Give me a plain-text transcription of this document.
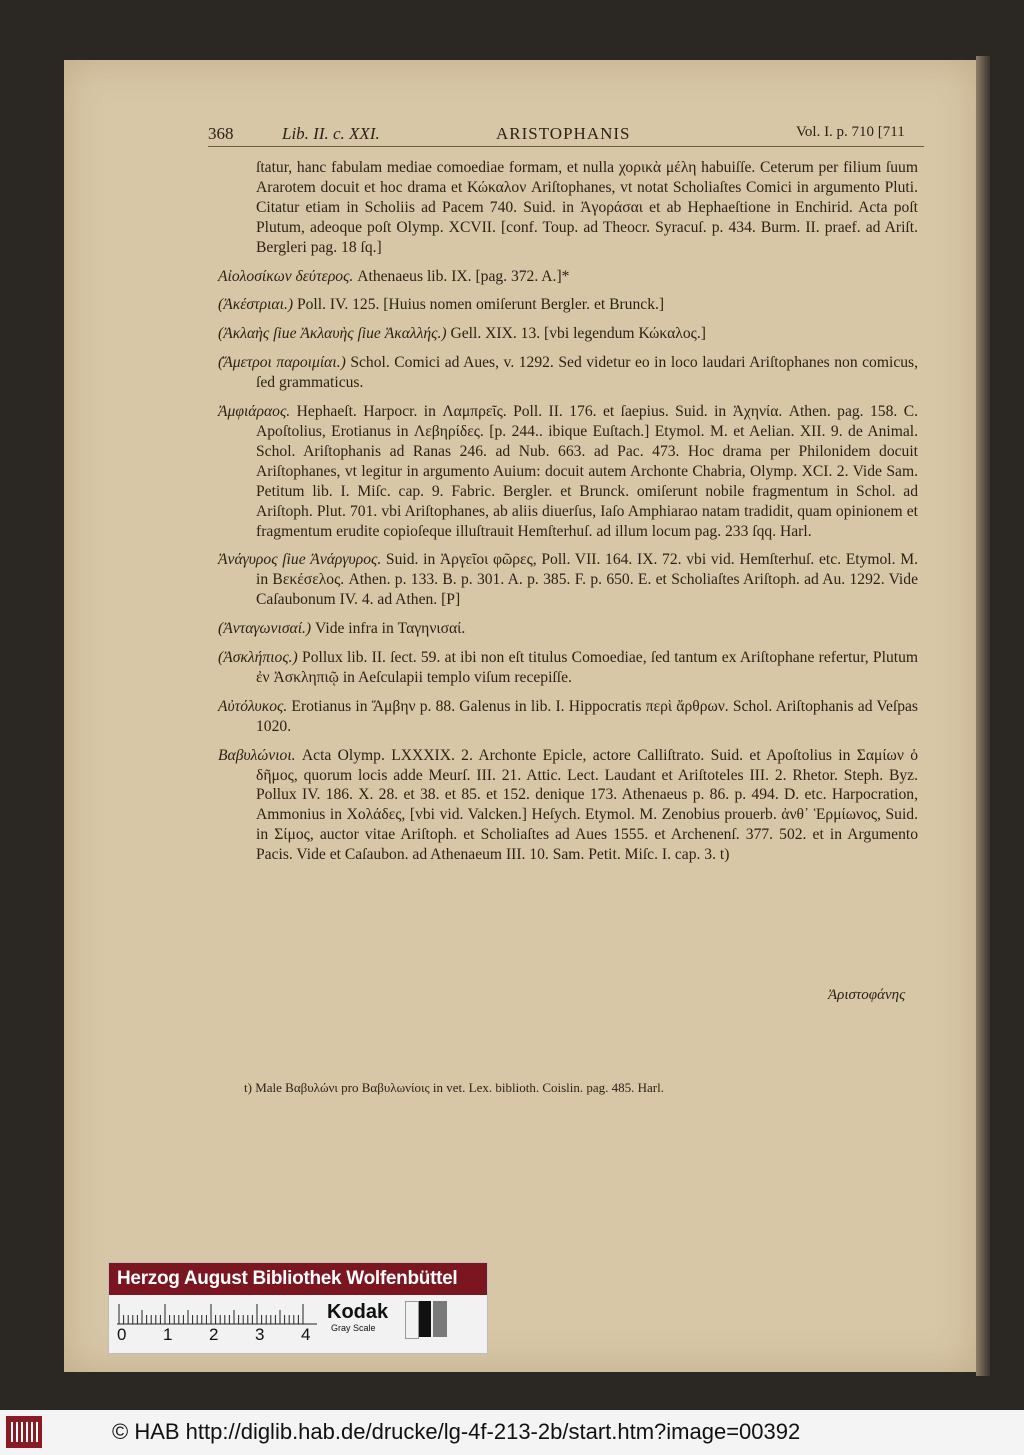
368	Lib. II. c. XXI.	ARISTOPHANIS	Vol. I. p. 710 [711

ſtatur, hanc fabulam mediae comoediae formam, et nulla χορικὰ μέλη habuiſſe. Ceterum per filium ſuum Ararotem docuit et hoc drama et Κώκαλον Ariſtophanes, vt notat Scholiaſtes Comici in argumento Pluti. Citatur etiam in Scholiis ad Pacem 740. Suid. in Ἀγοράσαι et ab Hephaeſtione in Enchirid. Acta poſt Plutum, adeoque poſt Olymp. XCVII. [conf. Toup. ad Theocr. Syracuſ. p. 434. Burm. II. praef. ad Ariſt. Bergleri pag. 18 ſq.]

Αἰολοσίκων δεύτερος. Athenaeus lib. IX. [pag. 372. A.]*

(Ἀκέστριαι.) Poll. IV. 125. [Huius nomen omiſerunt Bergler. et Brunck.]

(Ἀκλαὴς ſiue Ἀκλαυὴς ſiue Ἀκαλλής.) Gell. XIX. 13. [vbi legendum Κώκαλος.]

(Ἄμετροι παροιμίαι.) Schol. Comici ad Aues, v. 1292. Sed videtur eo in loco laudari Ariſtophanes non comicus, ſed grammaticus.

Ἀμφιάραος. Hephaeſt. Harpocr. in Λαμπρεῖς. Poll. II. 176. et ſaepius. Suid. in Ἀχηνία. Athen. pag. 158. C. Apoſtolius, Erotianus in Λεβηρίδες. [p. 244.. ibique Euſtach.] Etymol. M. et Aelian. XII. 9. de Animal. Schol. Ariſtophanis ad Ranas 246. ad Nub. 663. ad Pac. 473. Hoc drama per Philonidem docuit Ariſtophanes, vt legitur in argumento Auium: docuit autem Archonte Chabria, Olymp. XCI. 2. Vide Sam. Petitum lib. I. Miſc. cap. 9. Fabric. Bergler. et Brunck. omiſerunt nobile fragmentum in Schol. ad Ariſtoph. Plut. 701. vbi Ariſtophanes, ab aliis diuerſus, Iaſo Amphiarao natam tradidit, quam opinionem et fragmentum erudite copioſeque illuſtrauit Hemſterhuſ. ad illum locum pag. 233 ſqq. Harl.

Ἀνάγυρος ſiue Ἀνάργυρος. Suid. in Ἀργεῖοι φῶρες, Poll. VII. 164. IX. 72. vbi vid. Hemſterhuſ. etc. Etymol. M. in Βεκέσελος. Athen. p. 133. B. p. 301. A. p. 385. F. p. 650. E. et Scholiaſtes Ariſtoph. ad Au. 1292. Vide Caſaubonum IV. 4. ad Athen. [P]

(Ἀνταγωνισαί.) Vide infra in Ταγηνισαί.

(Ἀσκλήπιος.) Pollux lib. II. ſect. 59. at ibi non eſt titulus Comoediae, ſed tantum ex Ariſtophane refertur, Plutum ἐν Ἀσκληπιῷ in Aeſculapii templo viſum recepiſſe.

Αὐτόλυκος. Erotianus in Ἄμβην p. 88. Galenus in lib. I. Hippocratis περὶ ἄρθρων. Schol. Ariſtophanis ad Veſpas 1020.

Βαβυλώνιοι. Acta Olymp. LXXXIX. 2. Archonte Epicle, actore Calliſtrato. Suid. et Apoſtolius in Σαμίων ὁ δῆμος, quorum locis adde Meurſ. III. 21. Attic. Lect. Laudant et Ariſtoteles III. 2. Rhetor. Steph. Byz. Pollux IV. 186. X. 28. et 38. et 85. et 152. denique 173. Athenaeus p. 86. p. 494. D. etc. Harpocration, Ammonius in Χολάδες, [vbi vid. Valcken.] Heſych. Etymol. M. Zenobius prouerb. ἀνθ᾽ Ἑρμίωνος, Suid. in Σίμος, auctor vitae Ariſtoph. et Scholiaſtes ad Aues 1555. et Archenenſ. 377. 502. et in Argumento Pacis. Vide et Caſaubon. ad Athenaeum III. 10. Sam. Petit. Miſc. I. cap. 3. t)

Ἀριστοφάνης
t) Male Βαβυλώνι pro Βαβυλωνίοις in vet. Lex. biblioth. Coislin. pag. 485. Harl.
Herzog August Bibliothek Wolfenbüttel
0 1 2 3 4
Kodak
Gray Scale
© HAB http://diglib.hab.de/drucke/lg-4f-213-2b/start.htm?image=00392
